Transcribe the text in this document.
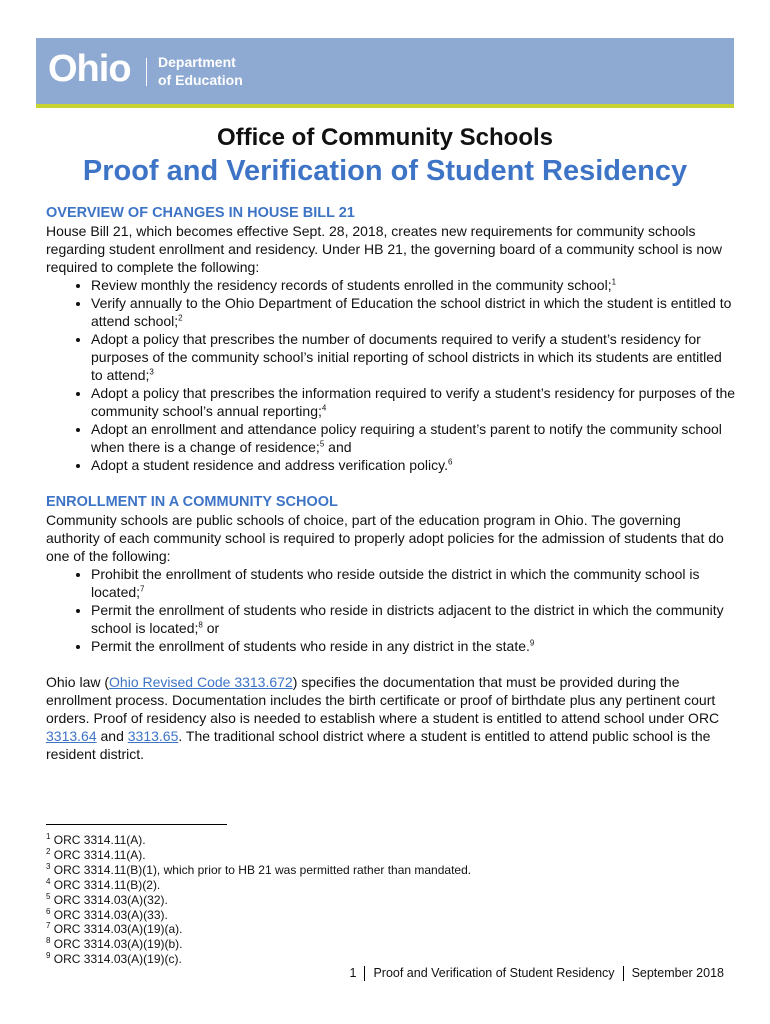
Ohio Department
of Education
Office of Community Schools
Proof and Verification of Student Residency

OVERVIEW OF CHANGES IN HOUSE BILL 21

House Bill 21, which becomes effective Sept. 28, 2018, creates new requirements for community schools regarding student enrollment and residency. Under HB 21, the governing board of a community school is now required to complete the following:

• Review monthly the residency records of students enrolled in the community school;$^1$
• Verify annually to the Ohio Department of Education the school district in which the student is entitled to attend school;$^2$
• Adopt a policy that prescribes the number of documents required to verify a student’s residency for purposes of the community school’s initial reporting of school districts in which its students are entitled to attend;$^3$
• Adopt a policy that prescribes the information required to verify a student’s residency for purposes of the community school’s annual reporting;$^4$
• Adopt an enrollment and attendance policy requiring a student’s parent to notify the community school when there is a change of residence;$^5$ and
• Adopt a student residence and address verification policy.$^6$

ENROLLMENT IN A COMMUNITY SCHOOL

Community schools are public schools of choice, part of the education program in Ohio. The governing authority of each community school is required to properly adopt policies for the admission of students that do one of the following:

• Prohibit the enrollment of students who reside outside the district in which the community school is located;$^7$
• Permit the enrollment of students who reside in districts adjacent to the district in which the community school is located;$^8$ or
• Permit the enrollment of students who reside in any district in the state.$^9$

Ohio law (Ohio Revised Code 3313.672) specifies the documentation that must be provided during the enrollment process. Documentation includes the birth certificate or proof of birthdate plus any pertinent court orders. Proof of residency also is needed to establish where a student is entitled to attend school under ORC 3313.64 and 3313.65. The traditional school district where a student is entitled to attend public school is the resident district.

$^1$ ORC 3314.11(A).
$^2$ ORC 3314.11(A).
$^3$ ORC 3314.11(B)(1), which prior to HB 21 was permitted rather than mandated.
$^4$ ORC 3314.11(B)(2).
$^5$ ORC 3314.03(A)(32).
$^6$ ORC 3314.03(A)(33).
$^7$ ORC 3314.03(A)(19)(a).
$^8$ ORC 3314.03(A)(19)(b).
$^9$ ORC 3314.03(A)(19)(c).
1 Proof and Verification of Student Residency September 2018
